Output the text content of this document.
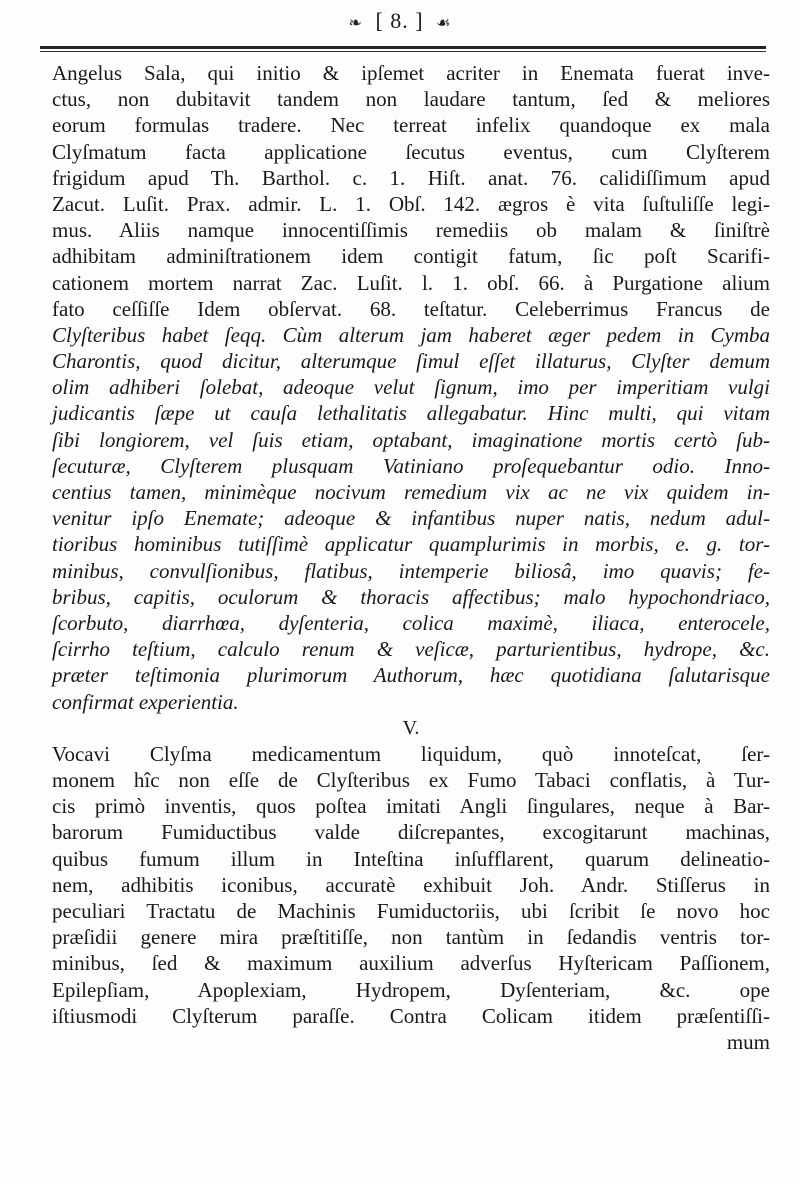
❧ [ 8. ] ☙
Angelus Sala, qui initio & ipſemet acriter in Enemata fuerat inve-
ctus, non dubitavit tandem non laudare tantum, ſed & meliores
eorum formulas tradere. Nec terreat infelix quandoque ex mala
Clyſmatum facta applicatione ſecutus eventus, cum Clyſterem
frigidum apud Th. Barthol. c. 1. Hiſt. anat. 76. calidiſſimum apud
Zacut. Luſit. Prax. admir. L. 1. Obſ. 142. ægros è vita ſuſtuliſſe legi-
mus. Aliis namque innocentiſſimis remediis ob malam & ſiniſtrè
adhibitam adminiſtrationem idem contigit fatum, ſic poſt Scarifi-
cationem mortem narrat Zac. Luſit. l. 1. obſ. 66. à Purgatione alium
fato ceſſiſſe Idem obſervat. 68. teſtatur. Celeberrimus Francus de
Clyſteribus habet ſeqq. Cùm alterum jam haberet æger pedem in Cymba
Charontis, quod dicitur, alterumque ſimul eſſet illaturus, Clyſter demum
olim adhiberi ſolebat, adeoque velut ſignum, imo per imperitiam vulgi
judicantis ſæpe ut cauſa lethalitatis allegabatur. Hinc multi, qui vitam
ſibi longiorem, vel ſuis etiam, optabant, imaginatione mortis certò ſub-
ſecuturæ, Clyſterem plusquam Vatiniano proſequebantur odio. Inno-
centius tamen, minimèque nocivum remedium vix ac ne vix quidem in-
venitur ipſo Enemate; adeoque & infantibus nuper natis, nedum adul-
tioribus hominibus tutiſſimè applicatur quamplurimis in morbis, e. g. tor-
minibus, convulſionibus, flatibus, intemperie biliosâ, imo quavis; fe-
bribus, capitis, oculorum & thoracis affectibus; malo hypochondriaco,
ſcorbuto, diarrhœa, dyſenteria, colica maximè, iliaca, enterocele,
ſcirrho teſtium, calculo renum & veſicæ, parturientibus, hydrope, &c.
præter teſtimonia plurimorum Authorum, hæc quotidiana ſalutarisque
confirmat experientia.
V.
Vocavi Clyſma medicamentum liquidum, quò innoteſcat, ſer-
monem hîc non eſſe de Clyſteribus ex Fumo Tabaci conflatis, à Tur-
cis primò inventis, quos poſtea imitati Angli ſingulares, neque à Bar-
barorum Fumiductibus valde diſcrepantes, excogitarunt machinas,
quibus fumum illum in Inteſtina inſufflarent, quarum delineatio-
nem, adhibitis iconibus, accuratè exhibuit Joh. Andr. Stiſſerus in
peculiari Tractatu de Machinis Fumiductoriis, ubi ſcribit ſe novo hoc
præſidii genere mira præſtitiſſe, non tantùm in ſedandis ventris tor-
minibus, ſed & maximum auxilium adverſus Hyſtericam Paſſionem,
Epilepſiam, Apoplexiam, Hydropem, Dyſenteriam, &c. ope
iſtiusmodi Clyſterum paraſſe. Contra Colicam itidem præſentiſſi-
mum
